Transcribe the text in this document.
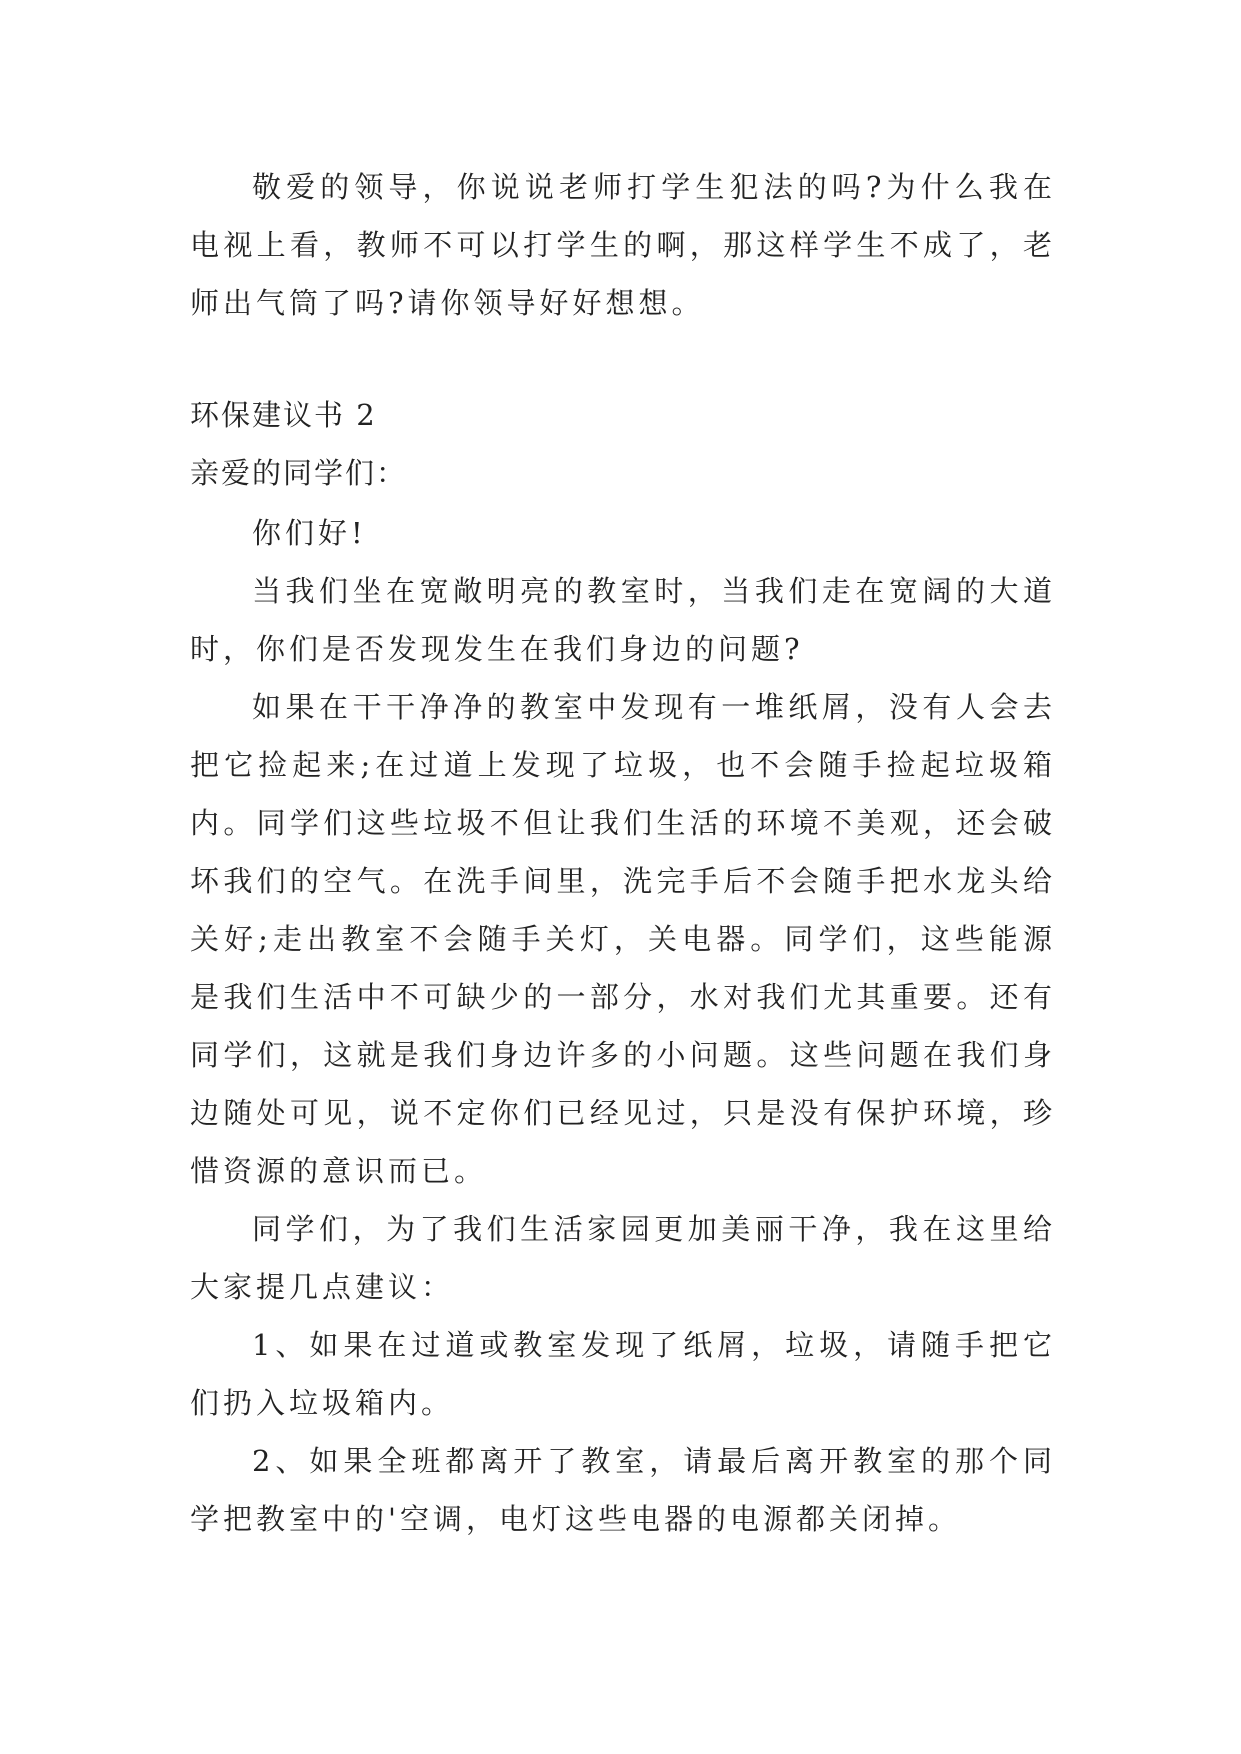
敬爱的领导，你说说老师打学生犯法的吗?为什么我在电视上看，教师不可以打学生的啊，那这样学生不成了，老师出气筒了吗?请你领导好好想想。

环保建议书 2

亲爱的同学们：

你们好!

当我们坐在宽敞明亮的教室时，当我们走在宽阔的大道时，你们是否发现发生在我们身边的问题?

如果在干干净净的教室中发现有一堆纸屑，没有人会去把它捡起来;在过道上发现了垃圾，也不会随手捡起垃圾箱内。同学们这些垃圾不但让我们生活的环境不美观，还会破坏我们的空气。在洗手间里，洗完手后不会随手把水龙头给关好;走出教室不会随手关灯，关电器。同学们，这些能源是我们生活中不可缺少的一部分，水对我们尤其重要。还有同学们，这就是我们身边许多的小问题。这些问题在我们身边随处可见，说不定你们已经见过，只是没有保护环境，珍惜资源的意识而已。

同学们，为了我们生活家园更加美丽干净，我在这里给大家提几点建议：

1、如果在过道或教室发现了纸屑，垃圾，请随手把它们扔入垃圾箱内。

2、如果全班都离开了教室，请最后离开教室的那个同学把教室中的'空调，电灯这些电器的电源都关闭掉。
